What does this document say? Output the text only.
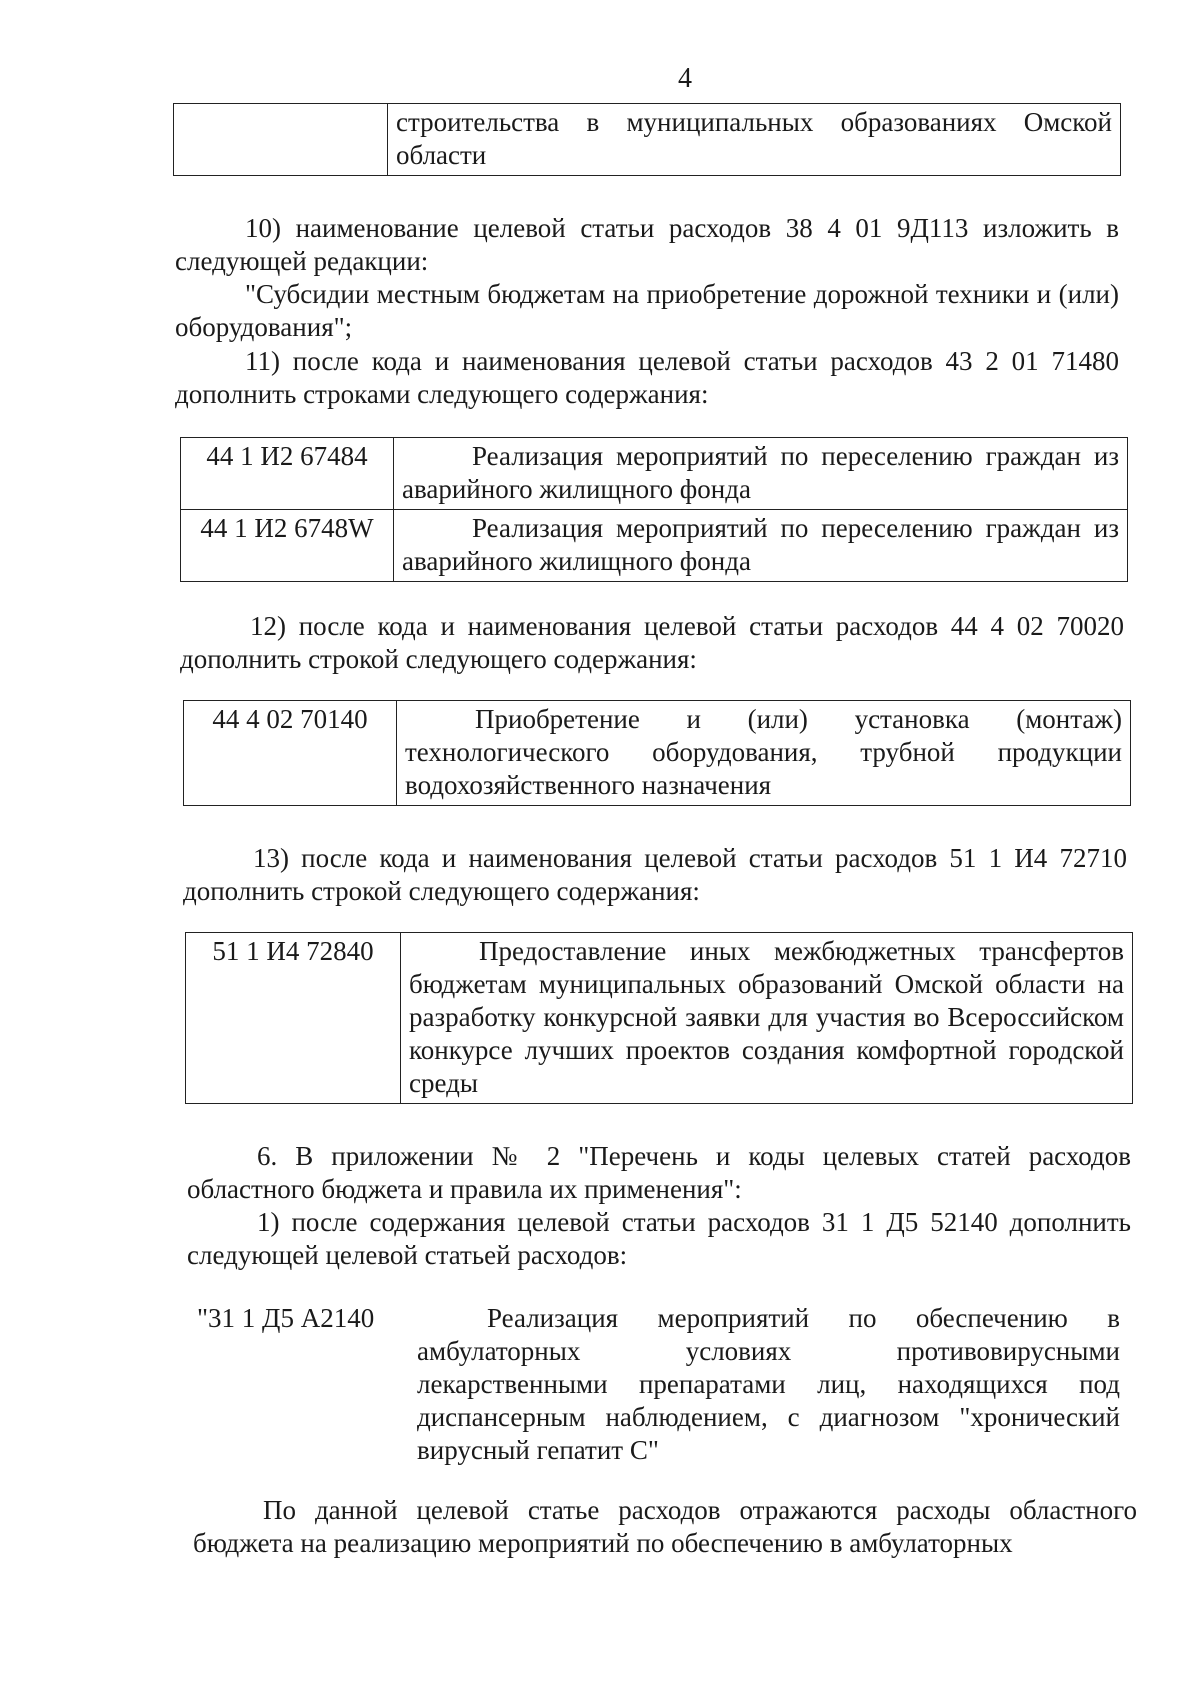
4
	строительства в муниципальных образованиях Омской области

10) наименование целевой статьи расходов 38 4 01 9Д113 изложить в следующей редакции:

"Субсидии местным бюджетам на приобретение дорожной техники и (или) оборудования";

11) после кода и наименования целевой статьи расходов 43 2 01 71480 дополнить строками следующего содержания:

44 1 И2 67484	Реализация мероприятий по переселению граждан из аварийного жилищного фонда
44 1 И2 6748W	Реализация мероприятий по переселению граждан из аварийного жилищного фонда

12) после кода и наименования целевой статьи расходов 44 4 02 70020 дополнить строкой следующего содержания:

44 4 02 70140	Приобретение и (или) установка (монтаж) технологического оборудования, трубной продукции водохозяйственного назначения

13) после кода и наименования целевой статьи расходов 51 1 И4 72710 дополнить строкой следующего содержания:

51 1 И4 72840	Предоставление иных межбюджетных трансфертов бюджетам муниципальных образований Омской области на разработку конкурсной заявки для участия во Всероссийском конкурсе лучших проектов создания комфортной городской среды

6. В приложении № 2 "Перечень и коды целевых статей расходов областного бюджета и правила их применения":

1) после содержания целевой статьи расходов 31 1 Д5 52140 дополнить следующей целевой статьей расходов:

"31 1 Д5 А2140	Реализация мероприятий по обеспечению в амбулаторных условиях противовирусными лекарственными препаратами лиц, находящихся под диспансерным наблюдением, с диагнозом "хронический вирусный гепатит С"

По данной целевой статье расходов отражаются расходы областного бюджета на реализацию мероприятий по обеспечению в амбулаторных
